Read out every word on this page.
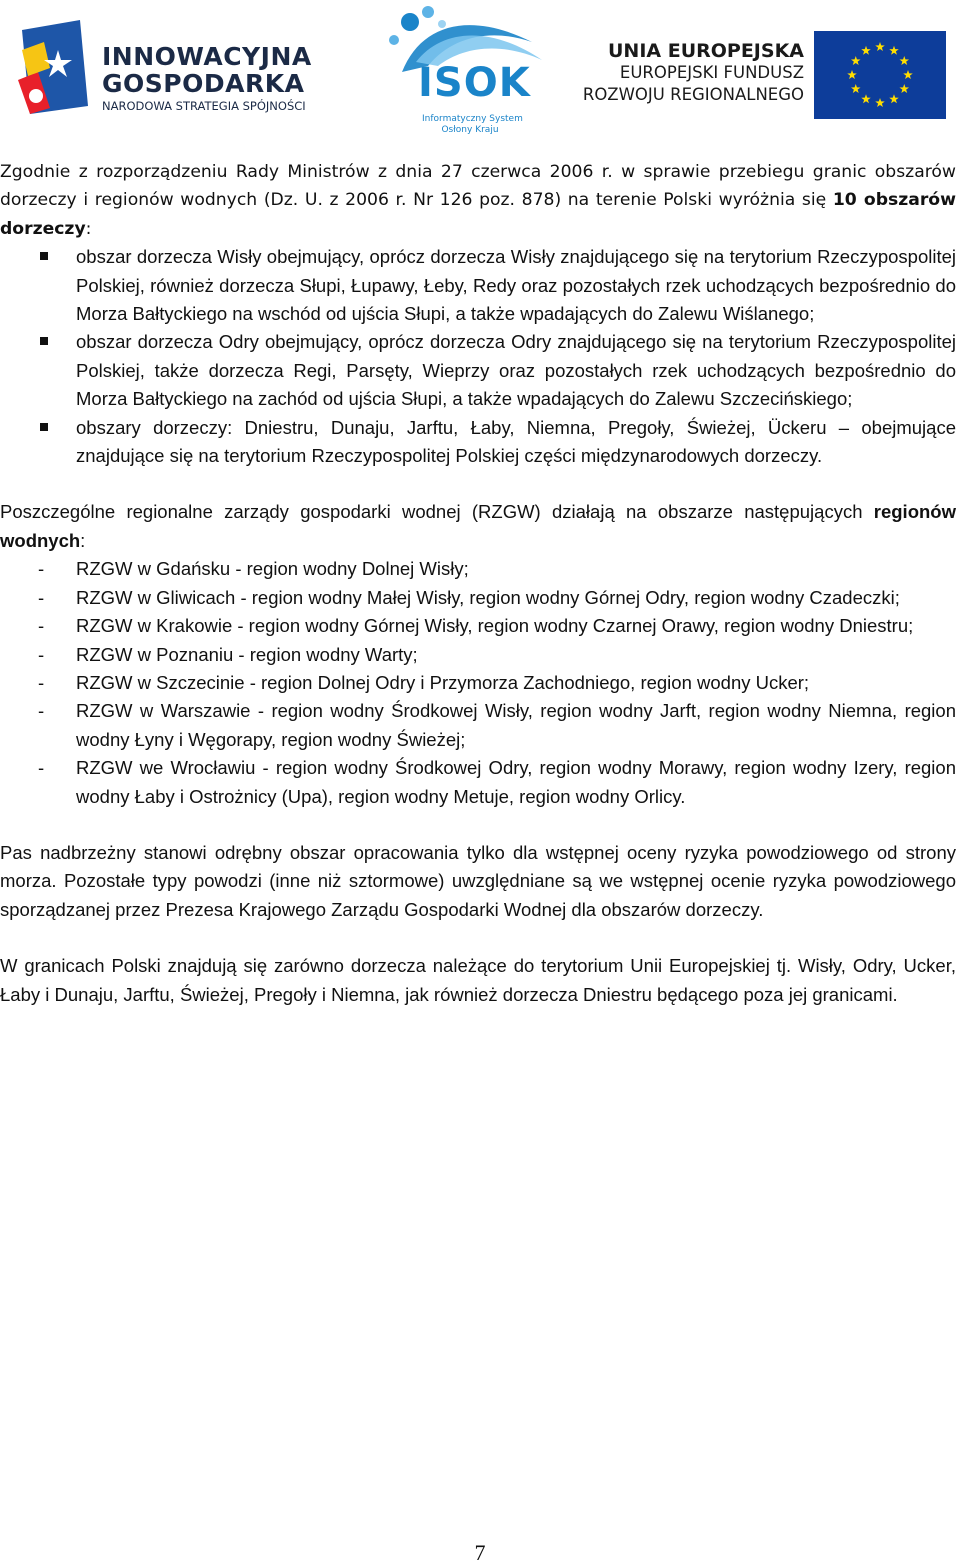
INNOWACYJNA
GOSPODARKA
NARODOWA STRATEGIA SPÓJNOŚCI	ISOK
Informatyczny System
Osłony Kraju
UNIA EUROPEJSKA
EUROPEJSKI FUNDUSZ
ROZWOJU REGIONALNEGO

Zgodnie z rozporządzeniu Rady Ministrów z dnia 27 czerwca 2006 r. w sprawie przebiegu granic obszarów dorzeczy i regionów wodnych (Dz. U. z 2006 r. Nr 126 poz. 878) na terenie Polski wyróżnia się 10 obszarów dorzeczy:

obszar dorzecza Wisły obejmujący, oprócz dorzecza Wisły znajdującego się na terytorium Rzeczypospolitej Polskiej, również dorzecza Słupi, Łupawy, Łeby, Redy oraz pozostałych rzek uchodzących bezpośrednio do Morza Bałtyckiego na wschód od ujścia Słupi, a także wpadających do Zalewu Wiślanego;

obszar dorzecza Odry obejmujący, oprócz dorzecza Odry znajdującego się na terytorium Rzeczypospolitej Polskiej, także dorzecza Regi, Parsęty, Wieprzy oraz pozostałych rzek uchodzących bezpośrednio do Morza Bałtyckiego na zachód od ujścia Słupi, a także wpadających do Zalewu Szczecińskiego;

obszary dorzeczy: Dniestru, Dunaju, Jarftu, Łaby, Niemna, Pregoły, Świeżej, Ückeru – obejmujące znajdujące się na terytorium Rzeczypospolitej Polskiej części międzynarodowych dorzeczy.

Poszczególne regionalne zarządy gospodarki wodnej (RZGW) działają na obszarze następujących regionów wodnych:

- RZGW w Gdańsku - region wodny Dolnej Wisły;

- RZGW w Gliwicach - region wodny Małej Wisły, region wodny Górnej Odry, region wodny Czadeczki;

- RZGW w Krakowie - region wodny Górnej Wisły, region wodny Czarnej Orawy, region wodny Dniestru;

- RZGW w Poznaniu - region wodny Warty;

- RZGW w Szczecinie - region Dolnej Odry i Przymorza Zachodniego, region wodny Ucker;

- RZGW w Warszawie - region wodny Środkowej Wisły, region wodny Jarft, region wodny Niemna, region wodny Łyny i Węgorapy, region wodny Świeżej;

- RZGW we Wrocławiu - region wodny Środkowej Odry, region wodny Morawy, region wodny Izery, region wodny Łaby i Ostrożnicy (Upa), region wodny Metuje, region wodny Orlicy.

Pas nadbrzeżny stanowi odrębny obszar opracowania tylko dla wstępnej oceny ryzyka powodziowego od strony morza. Pozostałe typy powodzi (inne niż sztormowe) uwzględniane są we wstępnej ocenie ryzyka powodziowego sporządzanej przez Prezesa Krajowego Zarządu Gospodarki Wodnej dla obszarów dorzeczy.

W granicach Polski znajdują się zarówno dorzecza należące do terytorium Unii Europejskiej tj. Wisły, Odry, Ucker, Łaby i Dunaju, Jarftu, Świeżej, Pregoły i Niemna, jak również dorzecza Dniestru będącego poza jej granicami.

7
